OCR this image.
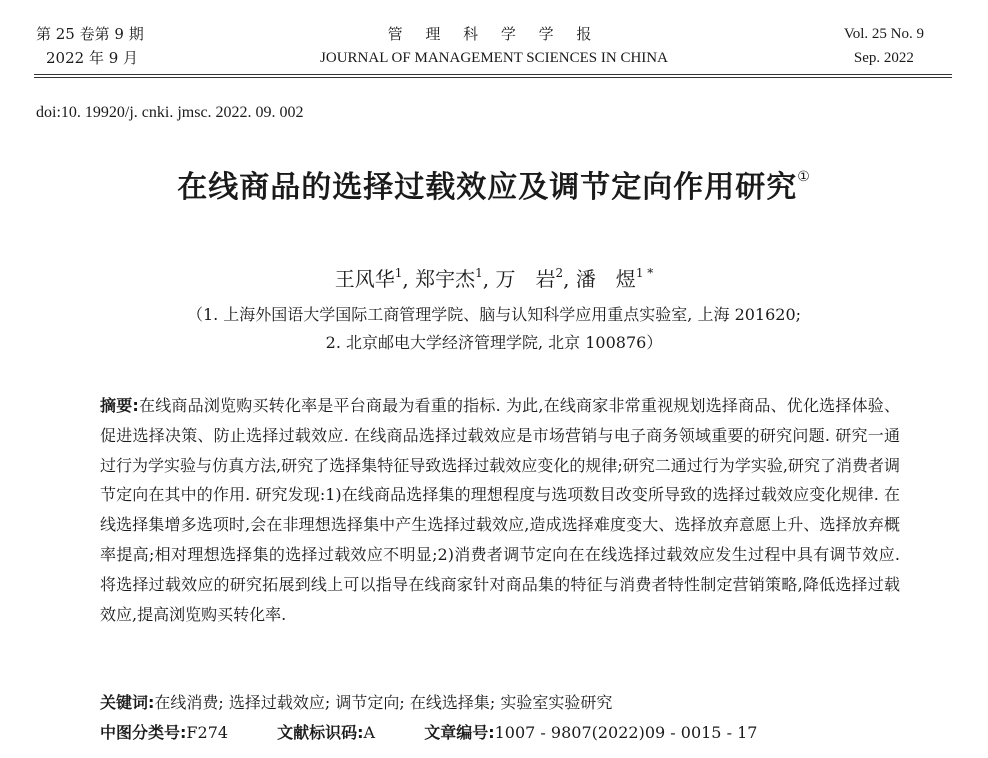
第 25 卷第 9 期
2022 年 9 月
管 理 科 学 学 报
JOURNAL OF MANAGEMENT SCIENCES IN CHINA
Vol. 25 No. 9
Sep. 2022
doi:10. 19920/j. cnki. jmsc. 2022. 09. 002
在线商品的选择过载效应及调节定向作用研究①
王风华$^1$, 郑宇杰$^1$, 万　岩$^2$, 潘　煜$^{1 *}$
（1. 上海外国语大学国际工商管理学院、脑与认知科学应用重点实验室, 上海 201620;
2. 北京邮电大学经济管理学院, 北京 100876）
摘要:在线商品浏览购买转化率是平台商最为看重的指标. 为此,在线商家非常重视规划选择商品、优化选择体验、促进选择决策、防止选择过载效应. 在线商品选择过载效应是市场营销与电子商务领域重要的研究问题. 研究一通过行为学实验与仿真方法,研究了选择集特征导致选择过载效应变化的规律;研究二通过行为学实验,研究了消费者调节定向在其中的作用. 研究发现:1)在线商品选择集的理想程度与选项数目改变所导致的选择过载效应变化规律. 在线选择集增多选项时,会在非理想选择集中产生选择过载效应,造成选择难度变大、选择放弃意愿上升、选择放弃概率提高;相对理想选择集的选择过载效应不明显;2)消费者调节定向在在线选择过载效应发生过程中具有调节效应. 将选择过载效应的研究拓展到线上可以指导在线商家针对商品集的特征与消费者特性制定营销策略,降低选择过载效应,提高浏览购买转化率.
关键词:在线消费; 选择过载效应; 调节定向; 在线选择集; 实验室实验研究
中图分类号:F274	文献标识码:A	文章编号:1007 - 9807(2022)09 - 0015 - 17
